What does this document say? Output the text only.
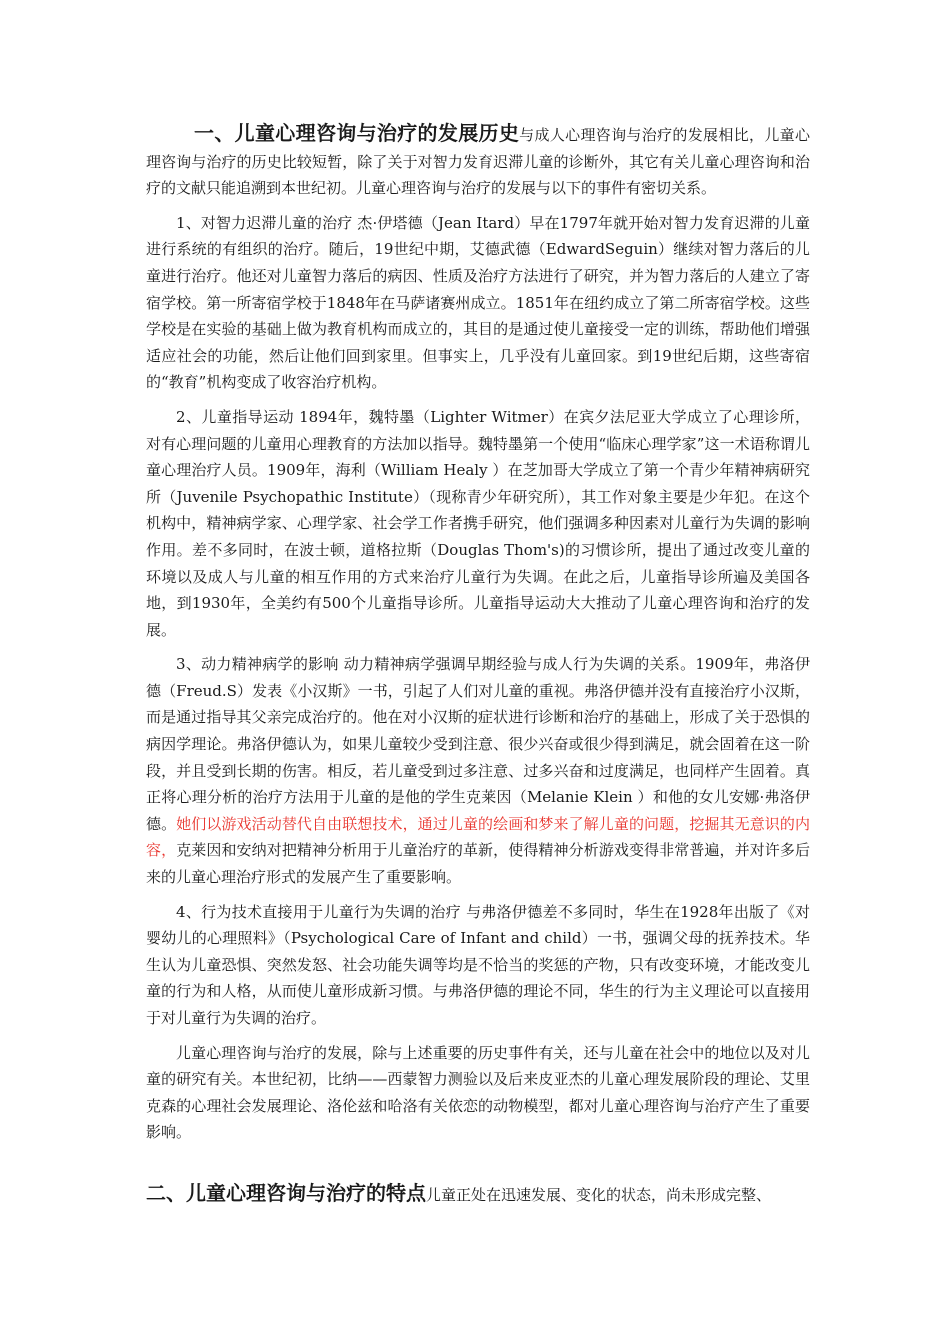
一、儿童心理咨询与治疗的发展历史与成人心理咨询与治疗的发展相比，儿童心理咨询与治疗的历史比较短暂，除了关于对智力发育迟滞儿童的诊断外，其它有关儿童心理咨询和治疗的文献只能追溯到本世纪初。儿童心理咨询与治疗的发展与以下的事件有密切关系。

1、对智力迟滞儿童的治疗 杰·伊塔德（Jean Itard）早在1797年就开始对智力发育迟滞的儿童进行系统的有组织的治疗。随后，19世纪中期，艾德武德（EdwardSeguin）继续对智力落后的儿童进行治疗。他还对儿童智力落后的病因、性质及治疗方法进行了研究，并为智力落后的人建立了寄宿学校。第一所寄宿学校于1848年在马萨诸赛州成立。1851年在纽约成立了第二所寄宿学校。这些学校是在实验的基础上做为教育机构而成立的，其目的是通过使儿童接受一定的训练，帮助他们增强适应社会的功能，然后让他们回到家里。但事实上，几乎没有儿童回家。到19世纪后期，这些寄宿的“教育”机构变成了收容治疗机构。

2、儿童指导运动 1894年，魏特墨（Lighter Witmer）在宾夕法尼亚大学成立了心理诊所，对有心理问题的儿童用心理教育的方法加以指导。魏特墨第一个使用“临床心理学家”这一术语称谓儿童心理治疗人员。1909年，海利（William Healy ）在芝加哥大学成立了第一个青少年精神病研究所（Juvenile Psychopathic Institute）（现称青少年研究所），其工作对象主要是少年犯。在这个机构中，精神病学家、心理学家、社会学工作者携手研究，他们强调多种因素对儿童行为失调的影响作用。差不多同时，在波士顿，道格拉斯（Douglas Thom's)的习惯诊所，提出了通过改变儿童的环境以及成人与儿童的相互作用的方式来治疗儿童行为失调。在此之后，儿童指导诊所遍及美国各地，到1930年，全美约有500个儿童指导诊所。儿童指导运动大大推动了儿童心理咨询和治疗的发展。

3、动力精神病学的影响 动力精神病学强调早期经验与成人行为失调的关系。1909年，弗洛伊德（Freud.S）发表《小汉斯》一书，引起了人们对儿童的重视。弗洛伊德并没有直接治疗小汉斯，而是通过指导其父亲完成治疗的。他在对小汉斯的症状进行诊断和治疗的基础上，形成了关于恐惧的病因学理论。弗洛伊德认为，如果儿童较少受到注意、很少兴奋或很少得到满足，就会固着在这一阶段，并且受到长期的伤害。相反，若儿童受到过多注意、过多兴奋和过度满足，也同样产生固着。真正将心理分析的治疗方法用于儿童的是他的学生克莱因（Melanie Klein ）和他的女儿安娜·弗洛伊德。她们以游戏活动替代自由联想技术，通过儿童的绘画和梦来了解儿童的问题，挖掘其无意识的内容，克莱因和安纳对把精神分析用于儿童治疗的革新，使得精神分析游戏变得非常普遍，并对许多后来的儿童心理治疗形式的发展产生了重要影响。

4、行为技术直接用于儿童行为失调的治疗 与弗洛伊德差不多同时，华生在1928年出版了《对婴幼儿的心理照料》（Psychological Care of Infant and child）一书，强调父母的抚养技术。华生认为儿童恐惧、突然发怒、社会功能失调等均是不恰当的奖惩的产物，只有改变环境，才能改变儿童的行为和人格，从而使儿童形成新习惯。与弗洛伊德的理论不同，华生的行为主义理论可以直接用于对儿童行为失调的治疗。

儿童心理咨询与治疗的发展，除与上述重要的历史事件有关，还与儿童在社会中的地位以及对儿童的研究有关。本世纪初，比纳——西蒙智力测验以及后来皮亚杰的儿童心理发展阶段的理论、艾里克森的心理社会发展理论、洛伦兹和哈洛有关依恋的动物模型，都对儿童心理咨询与治疗产生了重要影响。

二、儿童心理咨询与治疗的特点儿童正处在迅速发展、变化的状态，尚未形成完整、
